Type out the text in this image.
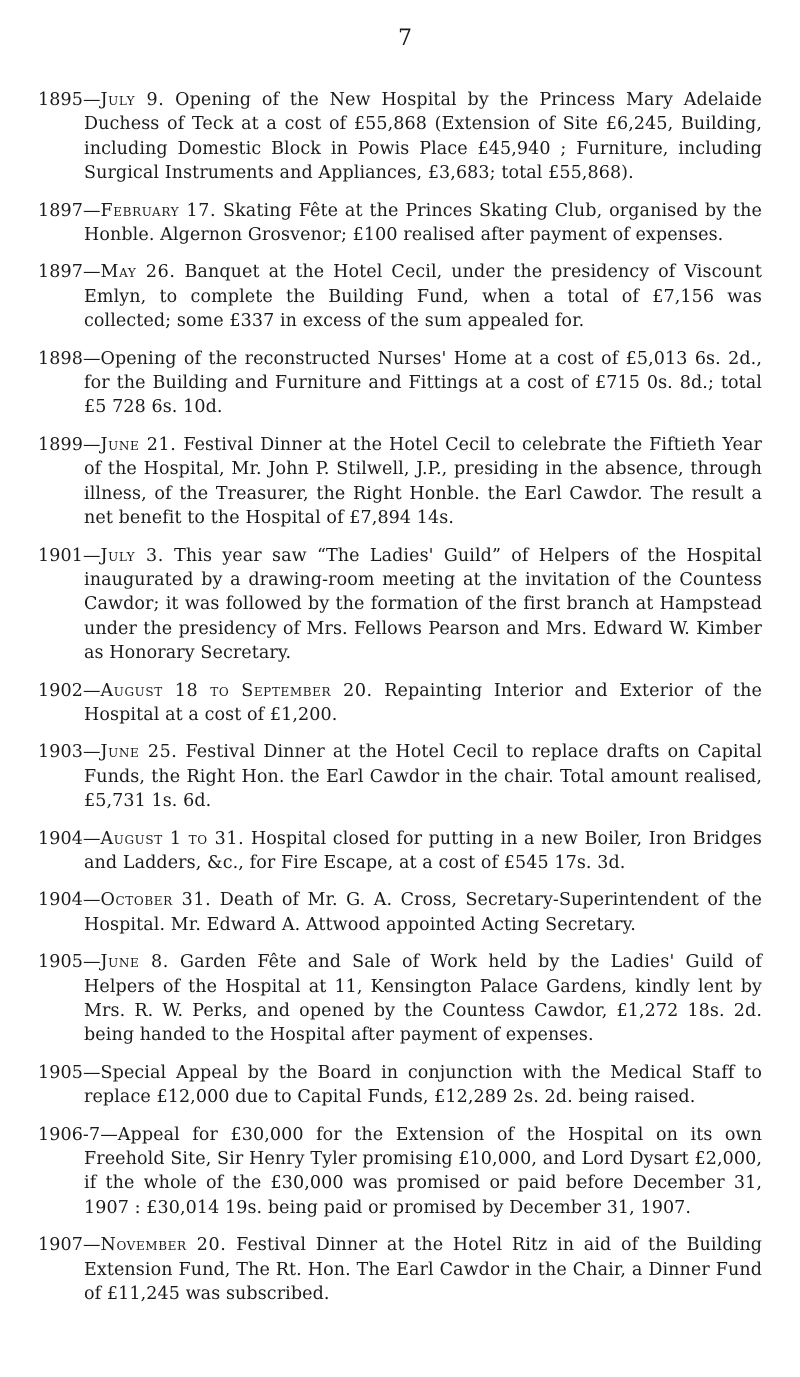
7

1895—July 9. Opening of the New Hospital by the Princess Mary Adelaide Duchess of Teck at a cost of £55,868 (Extension of Site £6,245, Building, including Domestic Block in Powis Place £45,940 ; Furniture, including Surgical Instruments and Appliances, £3,683; total £55,868).

1897—February 17. Skating Fête at the Princes Skating Club, organised by the Honble. Algernon Grosvenor; £100 realised after payment of expenses.

1897—May 26. Banquet at the Hotel Cecil, under the presidency of Viscount Emlyn, to complete the Building Fund, when a total of £7,156 was collected; some £337 in excess of the sum appealed for.

1898—Opening of the reconstructed Nurses' Home at a cost of £5,013 6s. 2d., for the Building and Furniture and Fittings at a cost of £715 0s. 8d.; total £5 728 6s. 10d.

1899—June 21. Festival Dinner at the Hotel Cecil to celebrate the Fiftieth Year of the Hospital, Mr. John P. Stilwell, J.P., presiding in the absence, through illness, of the Treasurer, the Right Honble. the Earl Cawdor. The result a net benefit to the Hospital of £7,894 14s.

1901—July 3. This year saw “The Ladies' Guild” of Helpers of the Hospital inaugurated by a drawing-room meeting at the invitation of the Countess Cawdor; it was followed by the formation of the first branch at Hampstead under the presidency of Mrs. Fellows Pearson and Mrs. Edward W. Kimber as Honorary Secretary.

1902—August 18 to September 20. Repainting Interior and Exterior of the Hospital at a cost of £1,200.

1903—June 25. Festival Dinner at the Hotel Cecil to replace drafts on Capital Funds, the Right Hon. the Earl Cawdor in the chair. Total amount realised, £5,731 1s. 6d.

1904—August 1 to 31. Hospital closed for putting in a new Boiler, Iron Bridges and Ladders, &c., for Fire Escape, at a cost of £545 17s. 3d.

1904—October 31. Death of Mr. G. A. Cross, Secretary-Superintendent of the Hospital. Mr. Edward A. Attwood appointed Acting Secretary.

1905—June 8. Garden Fête and Sale of Work held by the Ladies' Guild of Helpers of the Hospital at 11, Kensington Palace Gardens, kindly lent by Mrs. R. W. Perks, and opened by the Countess Cawdor, £1,272 18s. 2d. being handed to the Hospital after payment of expenses.

1905—Special Appeal by the Board in conjunction with the Medical Staff to replace £12,000 due to Capital Funds, £12,289 2s. 2d. being raised.

1906-7—Appeal for £30,000 for the Extension of the Hospital on its own Freehold Site, Sir Henry Tyler promising £10,000, and Lord Dysart £2,000, if the whole of the £30,000 was promised or paid before December 31, 1907 : £30,014 19s. being paid or promised by December 31, 1907.

1907—November 20. Festival Dinner at the Hotel Ritz in aid of the Building Extension Fund, The Rt. Hon. The Earl Cawdor in the Chair, a Dinner Fund of £11,245 was subscribed.
